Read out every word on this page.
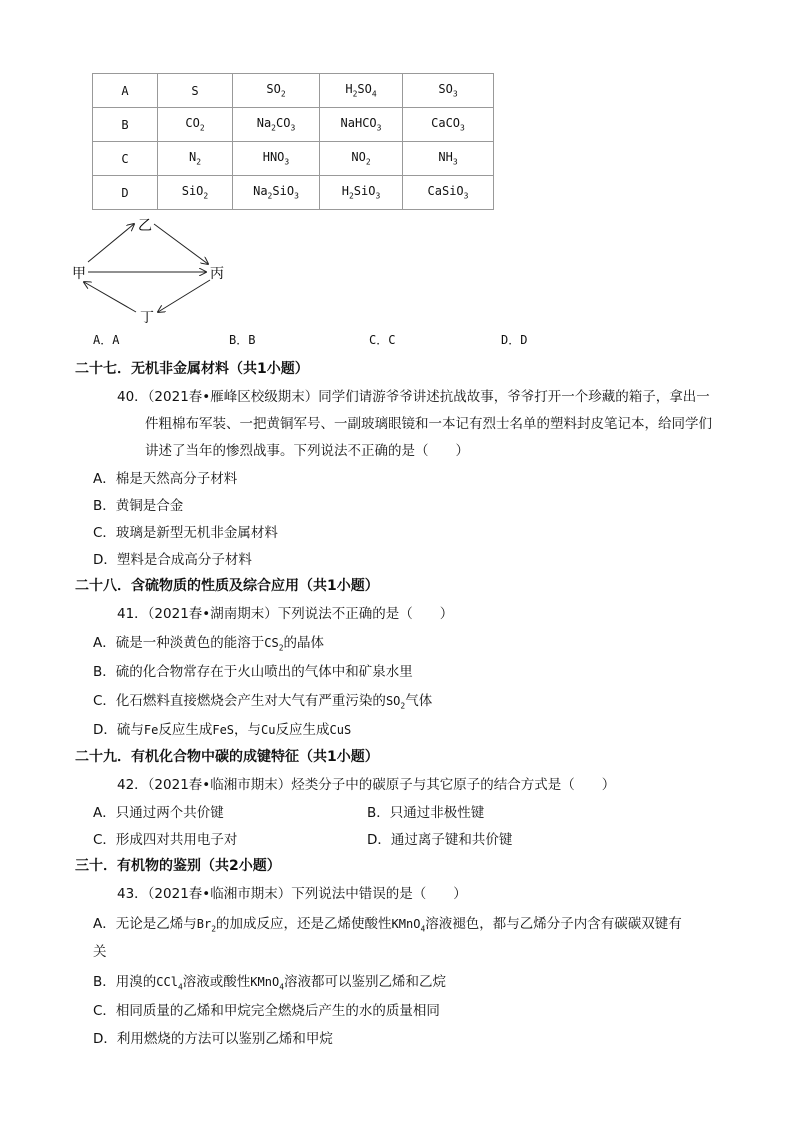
A	S	$SO_2$	$H_2SO_4$	$SO_3$
B	$CO_2$	$Na_2CO_3$	NaHCO$_3$	CaCO$_3$
C	$N_2$	$HNO_3$	$NO_2$	$NH_3$
D	SiO$_2$	$Na_2SiO_3$	$H_2SiO_3$	CaSiO$_3$
甲
乙
丙
丁
A．A	B．B	C．C	D．D
二十七．无机非金属材料（共1小题）
40．（2021春•雁峰区校级期末）同学们请游爷爷讲述抗战故事，爷爷打开一个珍藏的箱子，拿出一
件粗棉布军装、一把黄铜军号、一副玻璃眼镜和一本记有烈士名单的塑料封皮笔记本，给同学们
讲述了当年的惨烈战事。下列说法不正确的是（　　）
A．棉是天然高分子材料
B．黄铜是合金
C．玻璃是新型无机非金属材料
D．塑料是合成高分子材料
二十八．含硫物质的性质及综合应用（共1小题）
41．（2021春•湖南期末）下列说法不正确的是（　　）
A．硫是一种淡黄色的能溶于$CS_2$的晶体
B．硫的化合物常存在于火山喷出的气体中和矿泉水里
C．化石燃料直接燃烧会产生对大气有严重污染的$SO_2$气体
D．硫与Fe反应生成FeS，与Cu反应生成CuS
二十九．有机化合物中碳的成键特征（共1小题）
42．（2021春•临湘市期末）烃类分子中的碳原子与其它原子的结合方式是（　　）
A．只通过两个共价键	B．只通过非极性键
C．形成四对共用电子对	D．通过离子键和共价键
三十．有机物的鉴别（共2小题）
43．（2021春•临湘市期末）下列说法中错误的是（　　）
A．无论是乙烯与$Br_2$的加成反应，还是乙烯使酸性KMnO$_4$溶液褪色，都与乙烯分子内含有碳碳双键有
关
B．用溴的CCl$_4$溶液或酸性KMnO$_4$溶液都可以鉴别乙烯和乙烷
C．相同质量的乙烯和甲烷完全燃烧后产生的水的质量相同
D．利用燃烧的方法可以鉴别乙烯和甲烷
